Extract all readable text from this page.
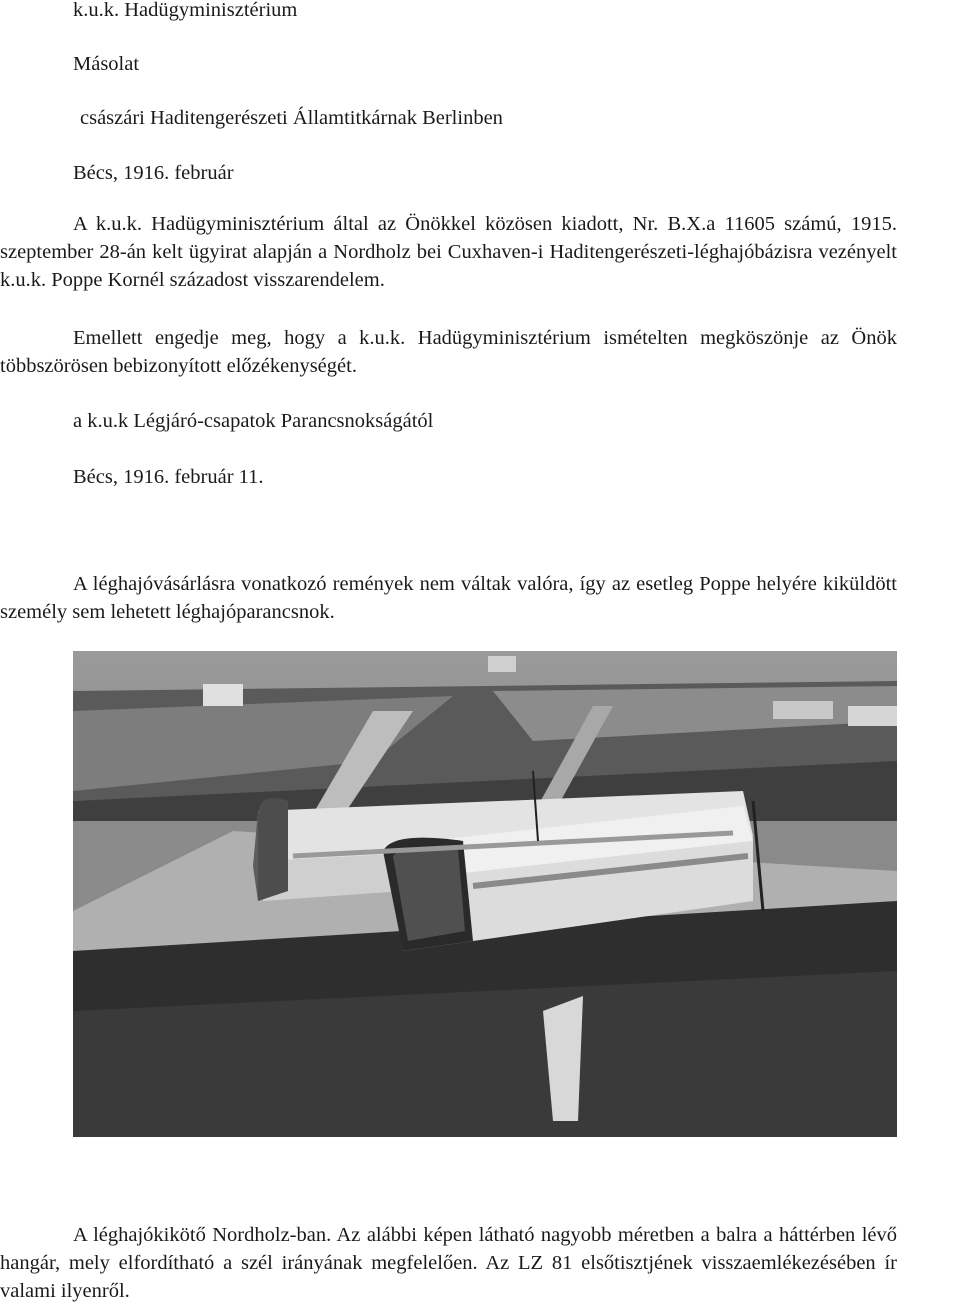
k.u.k. Hadügyminisztérium

Másolat

császári Haditengerészeti Államtitkárnak Berlinben

Bécs, 1916. február

A k.u.k. Hadügyminisztérium által az Önökkel közösen kiadott, Nr. B.X.a 11605 számú, 1915. szeptember 28-án kelt ügyirat alapján a Nordholz bei Cuxhaven-i Haditengerészeti-léghajóbázisra vezényelt k.u.k. Poppe Kornél századost visszarendelem.

Emellett engedje meg, hogy a k.u.k. Hadügyminisztérium ismételten megköszönje az Önök többszörösen bebizonyított előzékenységét.

a k.u.k Légjáró-csapatok Parancsnokságától

Bécs, 1916. február 11.

A léghajóvásárlásra vonatkozó remények nem váltak valóra, így az esetleg Poppe helyére kiküldött személy sem lehetett léghajóparancsnok.

A léghajókikötő Nordholz-ban. Az alábbi képen látható nagyobb méretben a balra a háttérben lévő hangár, mely elfordítható a szél irányának megfelelően. Az LZ 81 elsőtisztjének visszaemlékezésében ír valami ilyenről.
